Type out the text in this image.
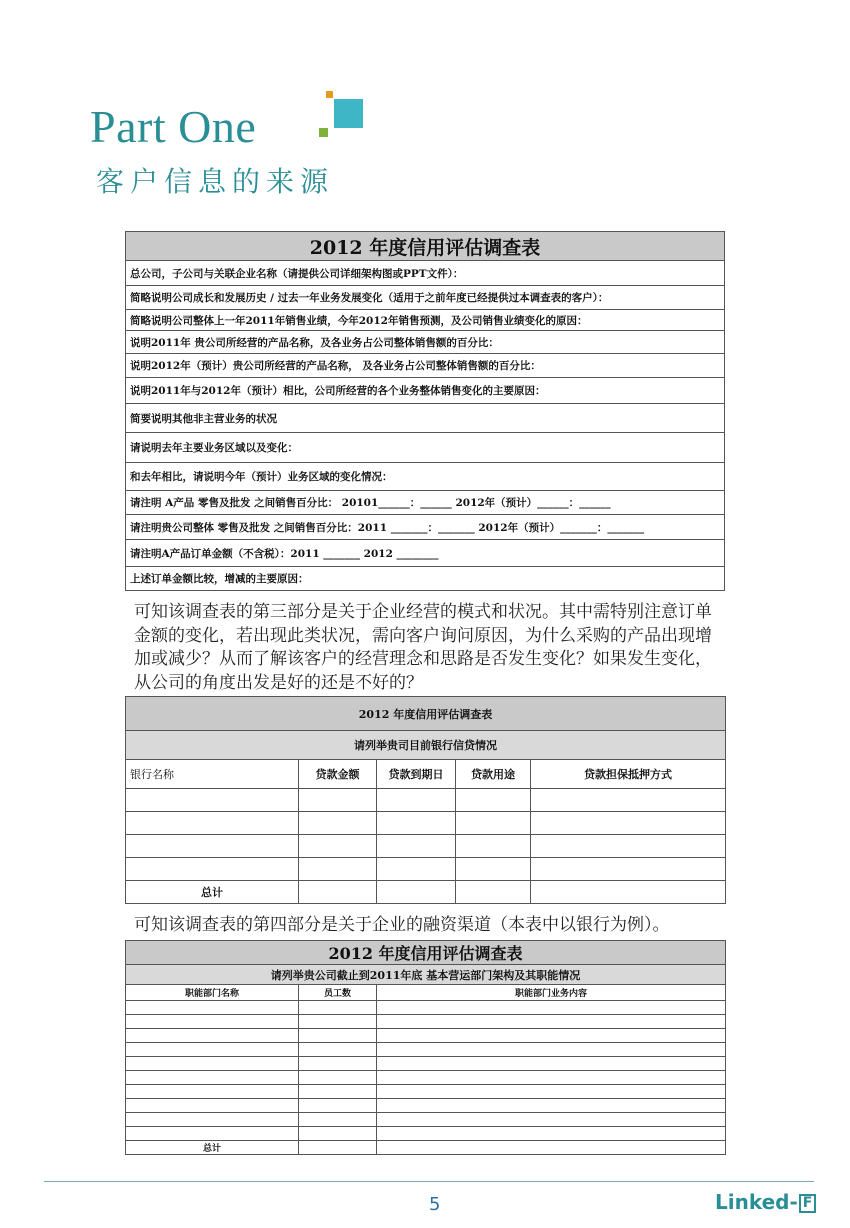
Part One
客户信息的来源
2012 年度信用评估调查表
总公司，子公司与关联企业名称（请提供公司详细架构图或PPT文件）：
简略说明公司成长和发展历史 / 过去一年业务发展变化（适用于之前年度已经提供过本调查表的客户）：
简略说明公司整体上一年2011年销售业绩，今年2012年销售预测，及公司销售业绩变化的原因：
说明2011年 贵公司所经营的产品名称，及各业务占公司整体销售额的百分比：
说明2012年（预计）贵公司所经营的产品名称， 及各业务占公司整体销售额的百分比：
说明2011年与2012年（预计）相比，公司所经营的各个业务整体销售变化的主要原因：
简要说明其他非主营业务的状况
请说明去年主要业务区域以及变化：
和去年相比，请说明今年（预计）业务区域的变化情况：
请注明 A产品 零售及批发 之间销售百分比： 20101______：______ 2012年（预计）______：______
请注明贵公司整体 零售及批发 之间销售百分比：2011 _______：_______ 2012年（预计）_______：_______
请注明A产品订单金额（不含税）：2011 _______ 2012 ________
上述订单金额比较，增减的主要原因：
可知该调查表的第三部分是关于企业经营的模式和状况。其中需特别注意订单金额的变化，若出现此类状况，需向客户询问原因，为什么采购的产品出现增加或减少？从而了解该客户的经营理念和思路是否发生变化？如果发生变化，从公司的角度出发是好的还是不好的？
2012 年度信用评估调查表				
请列举贵司目前银行信贷情况				
银行名称	贷款金额	贷款到期日	贷款用途	贷款担保抵押方式

总计				
可知该调查表的第四部分是关于企业的融资渠道（本表中以银行为例）。
2012 年度信用评估调查表		
请列举贵公司截止到2011年底 基本营运部门架构及其职能情况		
职能部门名称	员工数	职能部门业务内容

总计		
5	Linked- F
